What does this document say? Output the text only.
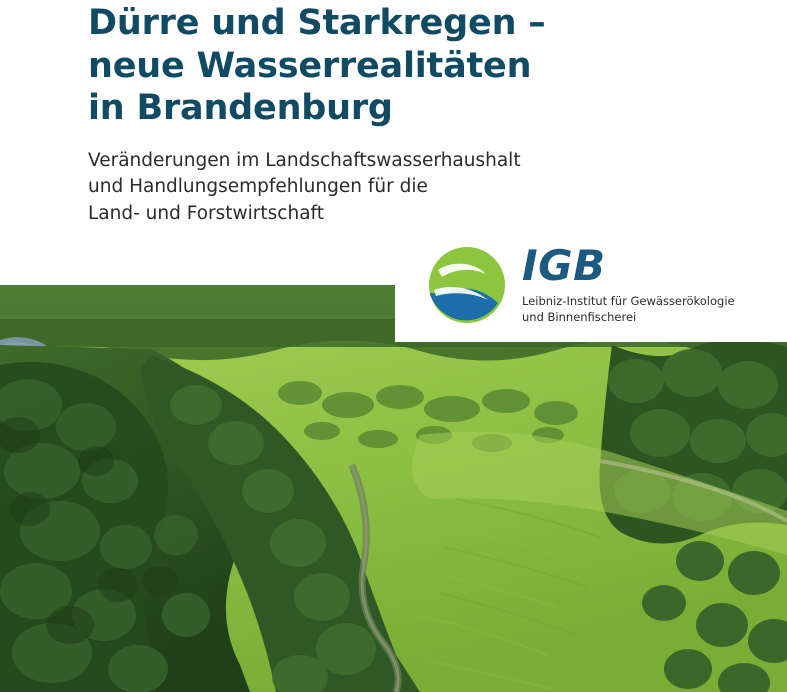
Dürre und Starkregen –
neue Wasserrealitäten
in Brandenburg

Veränderungen im Landschaftswasserhaushalt
und Handlungsempfehlungen für die
Land- und Forstwirtschaft

IGB
Leibniz-Institut für Gewässerökologie
und Binnenfischerei
